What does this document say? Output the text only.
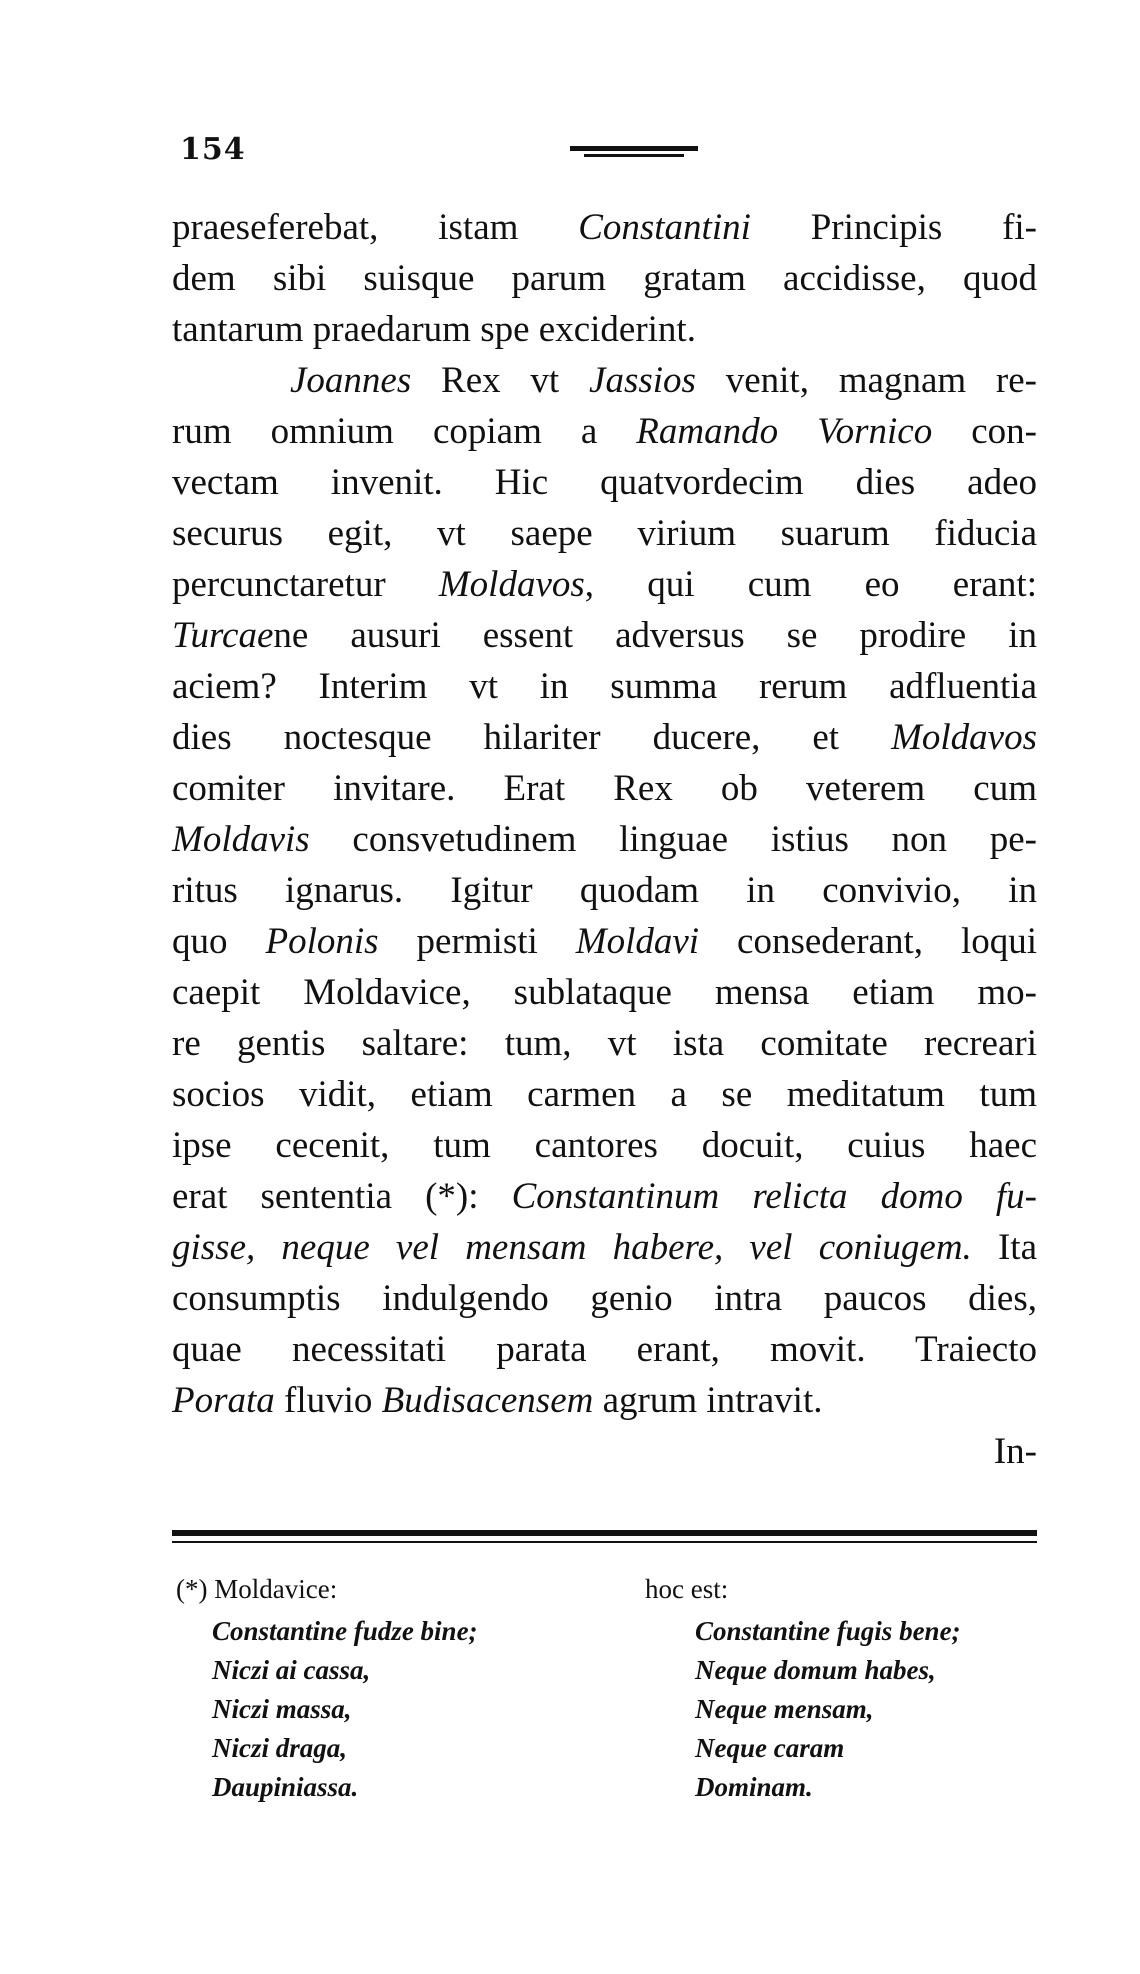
154
praeseferebat, istam Constantini Principis fi-
dem sibi suisque parum gratam accidisse, quod
tantarum praedarum spe exciderint.
Joannes Rex vt Jassios venit, magnam re-
rum omnium copiam a Ramando Vornico con-
vectam invenit. Hic quatvordecim dies adeo
securus egit, vt saepe virium suarum fiducia
percunctaretur Moldavos, qui cum eo erant:
Turcaene ausuri essent adversus se prodire in
aciem? Interim vt in summa rerum adfluentia
dies noctesque hilariter ducere, et Moldavos
comiter invitare. Erat Rex ob veterem cum
Moldavis consvetudinem linguae istius non pe-
ritus ignarus. Igitur quodam in convivio, in
quo Polonis permisti Moldavi consederant, loqui
caepit Moldavice, sublataque mensa etiam mo-
re gentis saltare: tum, vt ista comitate recreari
socios vidit, etiam carmen a se meditatum tum
ipse cecenit, tum cantores docuit, cuius haec
erat sententia (*): Constantinum relicta domo fu-
gisse, neque vel mensam habere, vel coniugem. Ita
consumptis indulgendo genio intra paucos dies,
quae necessitati parata erant, movit. Traiecto
Porata fluvio Budisacensem agrum intravit.
In-
(*) Moldavice:
Constantine fudze bine;
Niczi ai cassa,
Niczi massa,
Niczi draga,
Daupiniassa.
hoc est:
Constantine fugis bene;
Neque domum habes,
Neque mensam,
Neque caram
Dominam.
